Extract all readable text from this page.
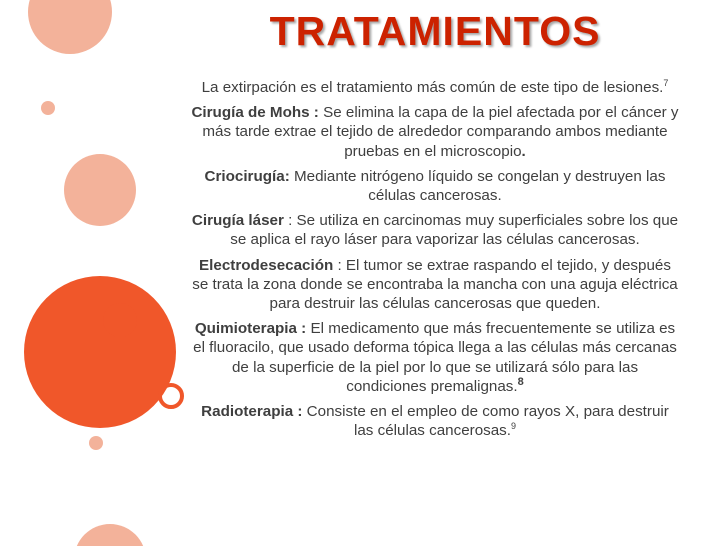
TRATAMIENTOS

La extirpación es el tratamiento más común de este tipo de lesiones.$^7$

Cirugía de Mohs : Se elimina la capa de la piel afectada por el cáncer y más tarde extrae el tejido de alrededor comparando ambos mediante pruebas en el microscopio.

Criocirugía: Mediante nitrógeno líquido se congelan y destruyen las células cancerosas.

Cirugía láser : Se utiliza en carcinomas muy superficiales sobre los que se aplica el rayo láser para vaporizar las células cancerosas.

Electrodesecación : El tumor se extrae raspando el tejido, y después se trata la zona donde se encontraba la mancha con una aguja eléctrica para destruir las células cancerosas que queden.

Quimioterapia : El medicamento que más frecuentemente se utiliza es el fluoracilo, que usado deforma tópica llega a las células más cercanas de la superficie de la piel por lo que se utilizará sólo para las condiciones premalignas.$^8$

Radioterapia : Consiste en el empleo de como rayos X, para destruir las células cancerosas.$^9$
